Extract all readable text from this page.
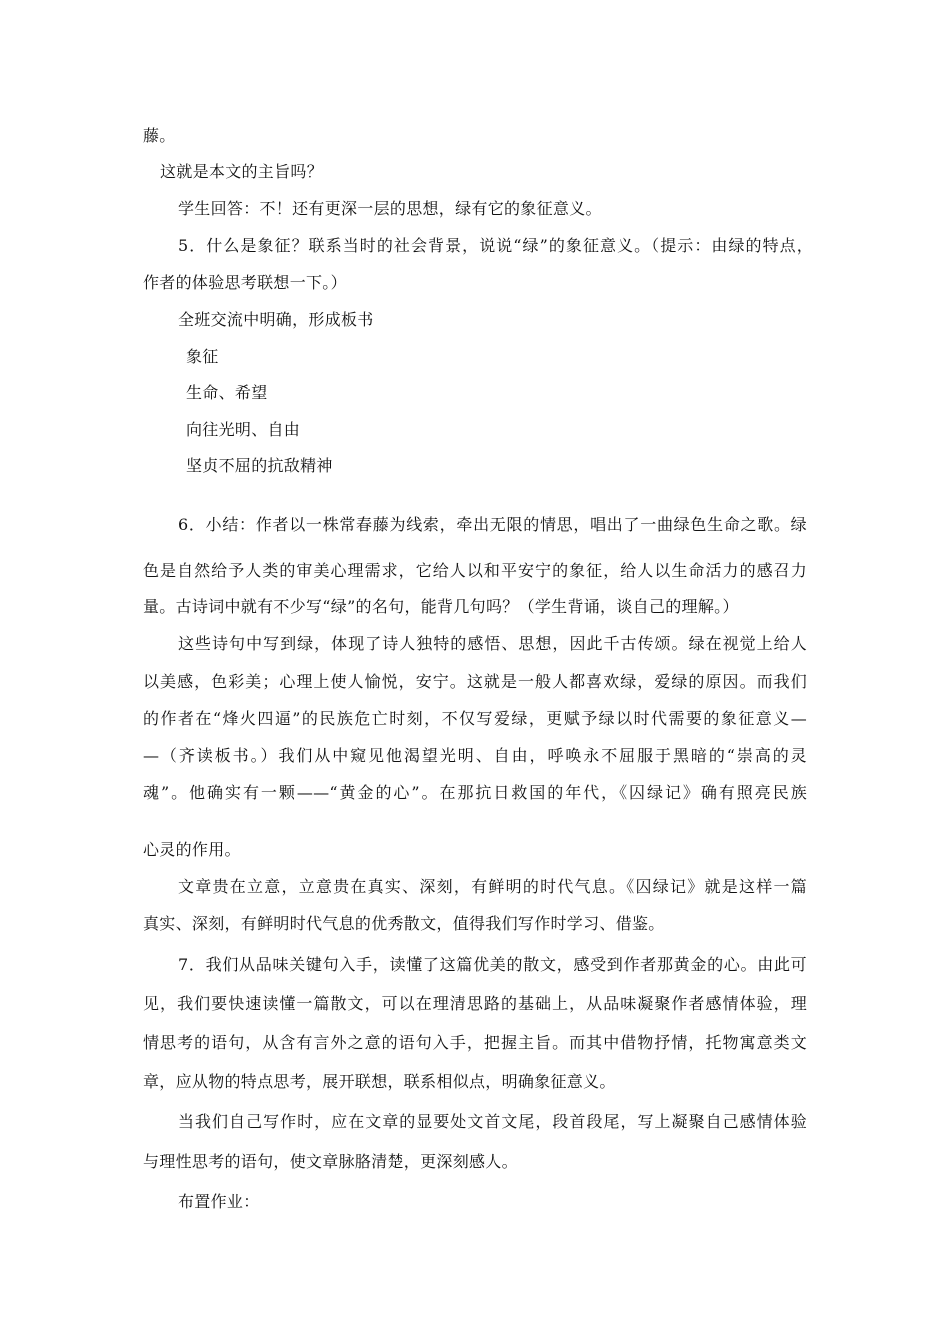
藤。
这就是本文的主旨吗？
学生回答：不！还有更深一层的思想，绿有它的象征意义。
5．什么是象征？联系当时的社会背景，说说“绿”的象征意义。（提示：由绿的特点，
作者的体验思考联想一下。）
全班交流中明确，形成板书
象征
生命、希望
向往光明、自由
坚贞不屈的抗敌精神
6．小结：作者以一株常春藤为线索，牵出无限的情思，唱出了一曲绿色生命之歌。绿
色是自然给予人类的审美心理需求，它给人以和平安宁的象征，给人以生命活力的感召力
量。古诗词中就有不少写“绿”的名句，能背几句吗？（学生背诵，谈自己的理解。）
这些诗句中写到绿，体现了诗人独特的感悟、思想，因此千古传颂。绿在视觉上给人
以美感，色彩美；心理上使人愉悦，安宁。这就是一般人都喜欢绿，爱绿的原因。而我们
的作者在“烽火四逼”的民族危亡时刻，不仅写爱绿，更赋予绿以时代需要的象征意义—
—（齐读板书。）我们从中窥见他渴望光明、自由，呼唤永不屈服于黑暗的“崇高的灵
魂”。他确实有一颗——“黄金的心”。在那抗日救国的年代，《囚绿记》确有照亮民族
心灵的作用。
文章贵在立意，立意贵在真实、深刻，有鲜明的时代气息。《囚绿记》就是这样一篇
真实、深刻，有鲜明时代气息的优秀散文，值得我们写作时学习、借鉴。
7．我们从品味关键句入手，读懂了这篇优美的散文，感受到作者那黄金的心。由此可
见，我们要快速读懂一篇散文，可以在理清思路的基础上，从品味凝聚作者感情体验，理
情思考的语句，从含有言外之意的语句入手，把握主旨。而其中借物抒情，托物寓意类文
章，应从物的特点思考，展开联想，联系相似点，明确象征意义。
当我们自己写作时，应在文章的显要处文首文尾，段首段尾，写上凝聚自己感情体验
与理性思考的语句，使文章脉胳清楚，更深刻感人。
布置作业：
